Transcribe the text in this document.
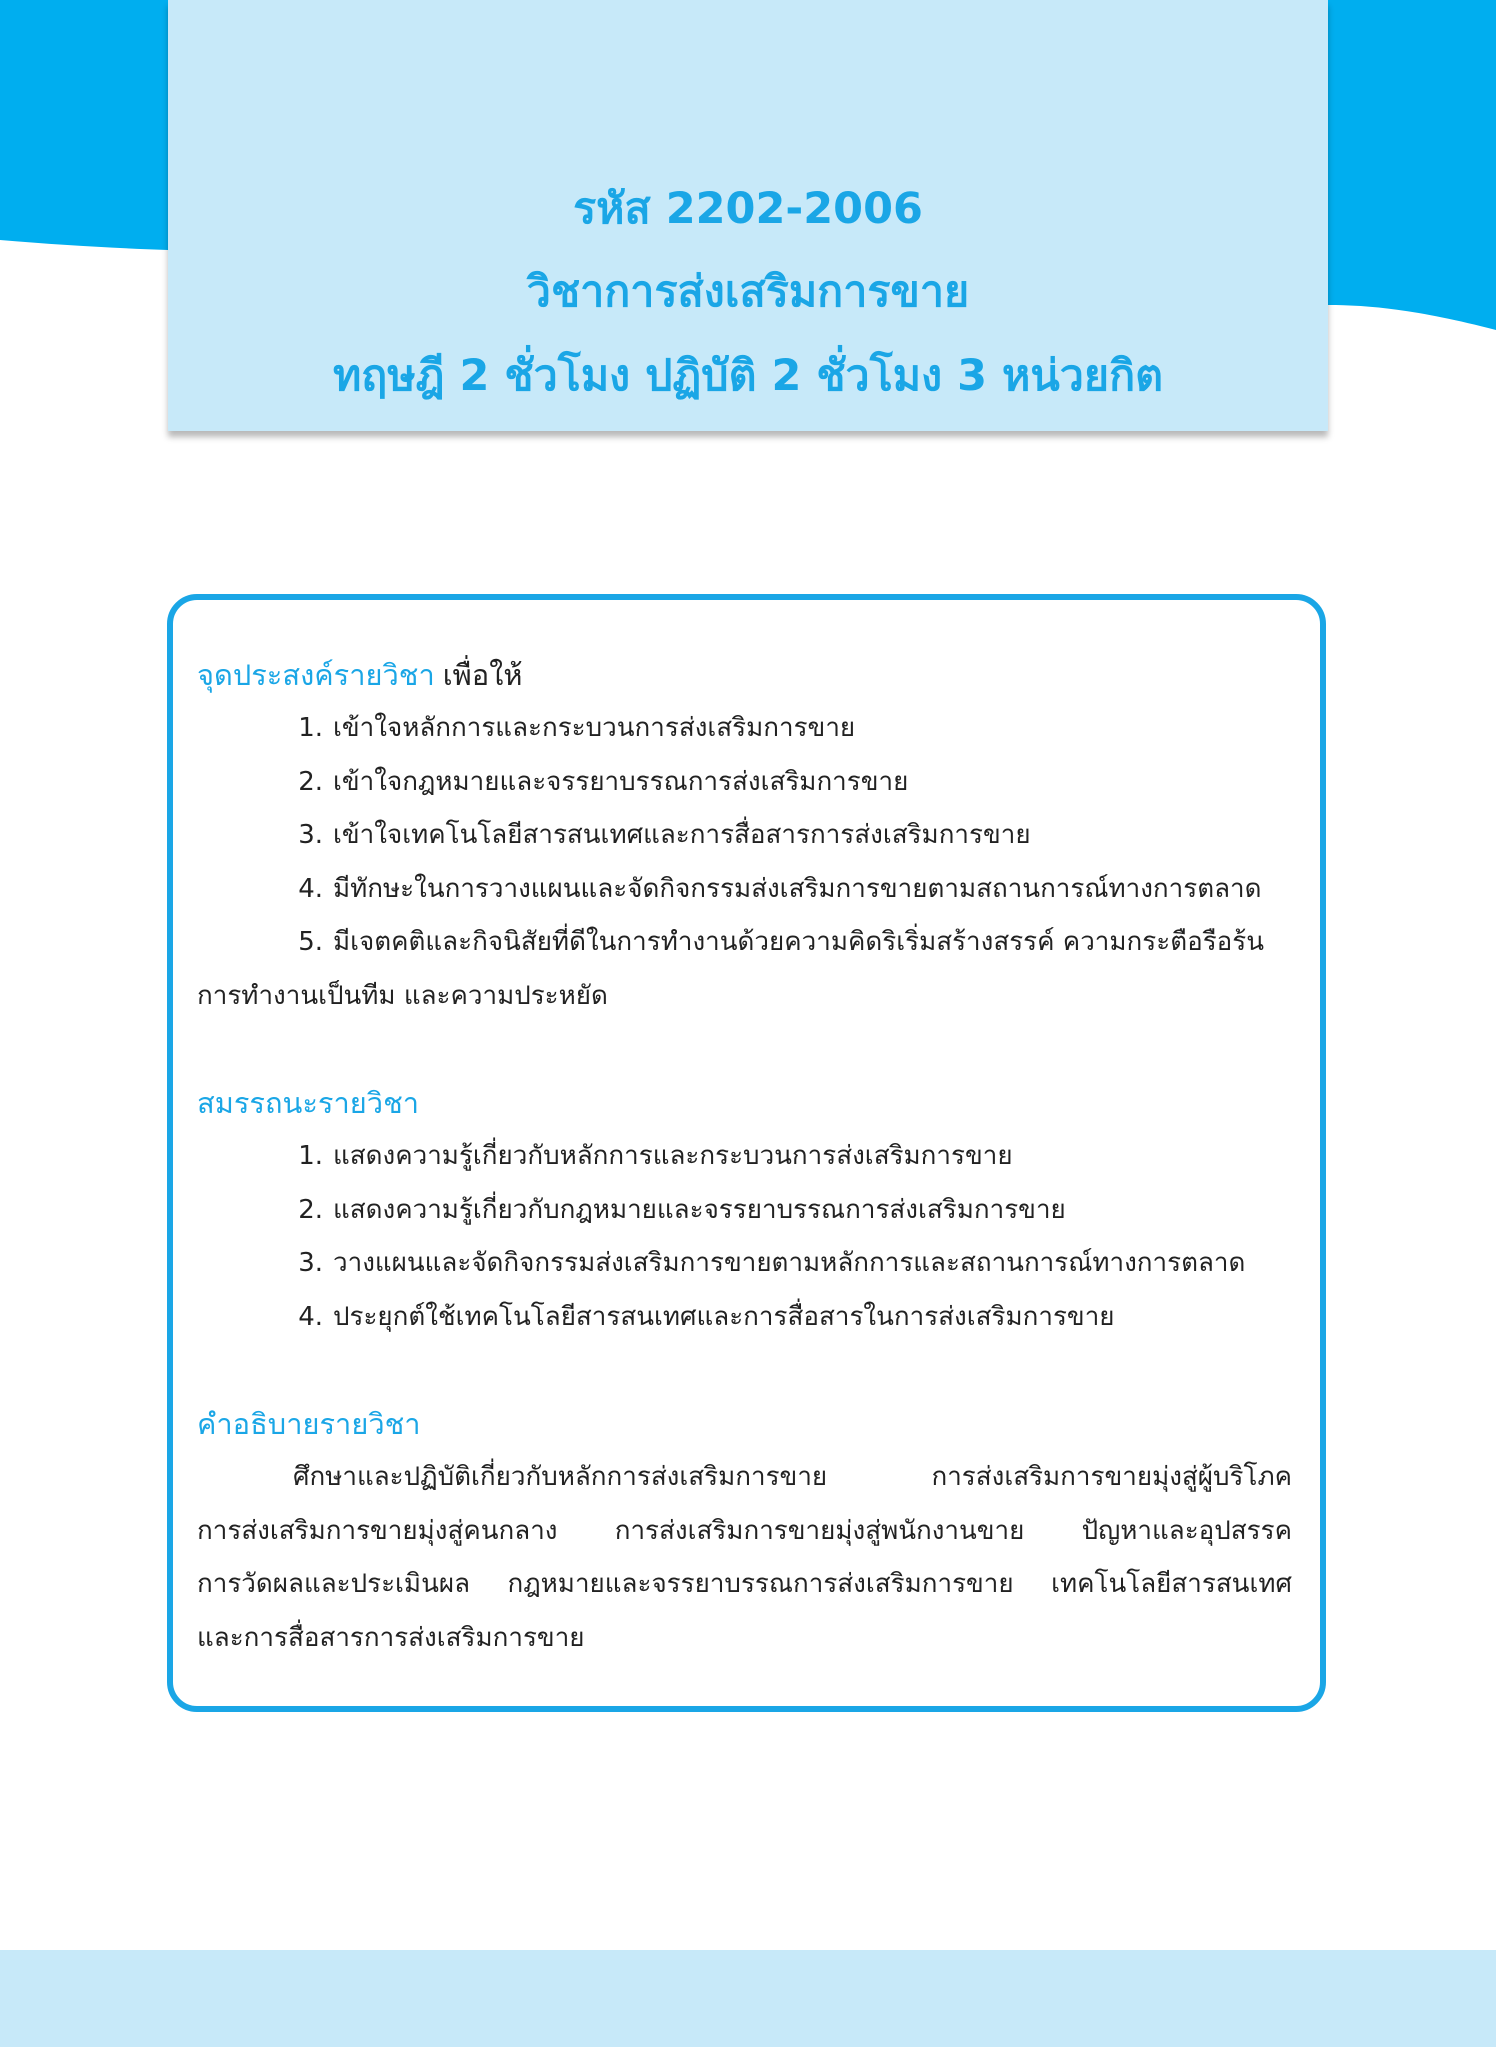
รหัส 2202-2006
วิชาการส่งเสริมการขาย
ทฤษฎี 2 ชั่วโมง ปฏิบัติ 2 ชั่วโมง 3 หน่วยกิต
จุดประสงค์รายวิชา เพื่อให้
1. เข้าใจหลักการและกระบวนการส่งเสริมการขาย
2. เข้าใจกฎหมายและจรรยาบรรณการส่งเสริมการขาย
3. เข้าใจเทคโนโลยีสารสนเทศและการสื่อสารการส่งเสริมการขาย
4. มีทักษะในการวางแผนและจัดกิจกรรมส่งเสริมการขายตามสถานการณ์ทางการตลาด
5. มีเจตคติและกิจนิสัยที่ดีในการทำงานด้วยความคิดริเริ่มสร้างสรรค์ ความกระตือรือร้น
การทำงานเป็นทีม และความประหยัด
สมรรถนะรายวิชา
1. แสดงความรู้เกี่ยวกับหลักการและกระบวนการส่งเสริมการขาย
2. แสดงความรู้เกี่ยวกับกฎหมายและจรรยาบรรณการส่งเสริมการขาย
3. วางแผนและจัดกิจกรรมส่งเสริมการขายตามหลักการและสถานการณ์ทางการตลาด
4. ประยุกต์ใช้เทคโนโลยีสารสนเทศและการสื่อสารในการส่งเสริมการขาย
คำอธิบายรายวิชา
ศึกษาและปฏิบัติเกี่ยวกับหลักการส่งเสริมการขาย การส่งเสริมการขายมุ่งสู่ผู้บริโภค
การส่งเสริมการขายมุ่งสู่คนกลาง การส่งเสริมการขายมุ่งสู่พนักงานขาย ปัญหาและอุปสรรค
การวัดผลและประเมินผล กฎหมายและจรรยาบรรณการส่งเสริมการขาย เทคโนโลยีสารสนเทศ
และการสื่อสารการส่งเสริมการขาย
